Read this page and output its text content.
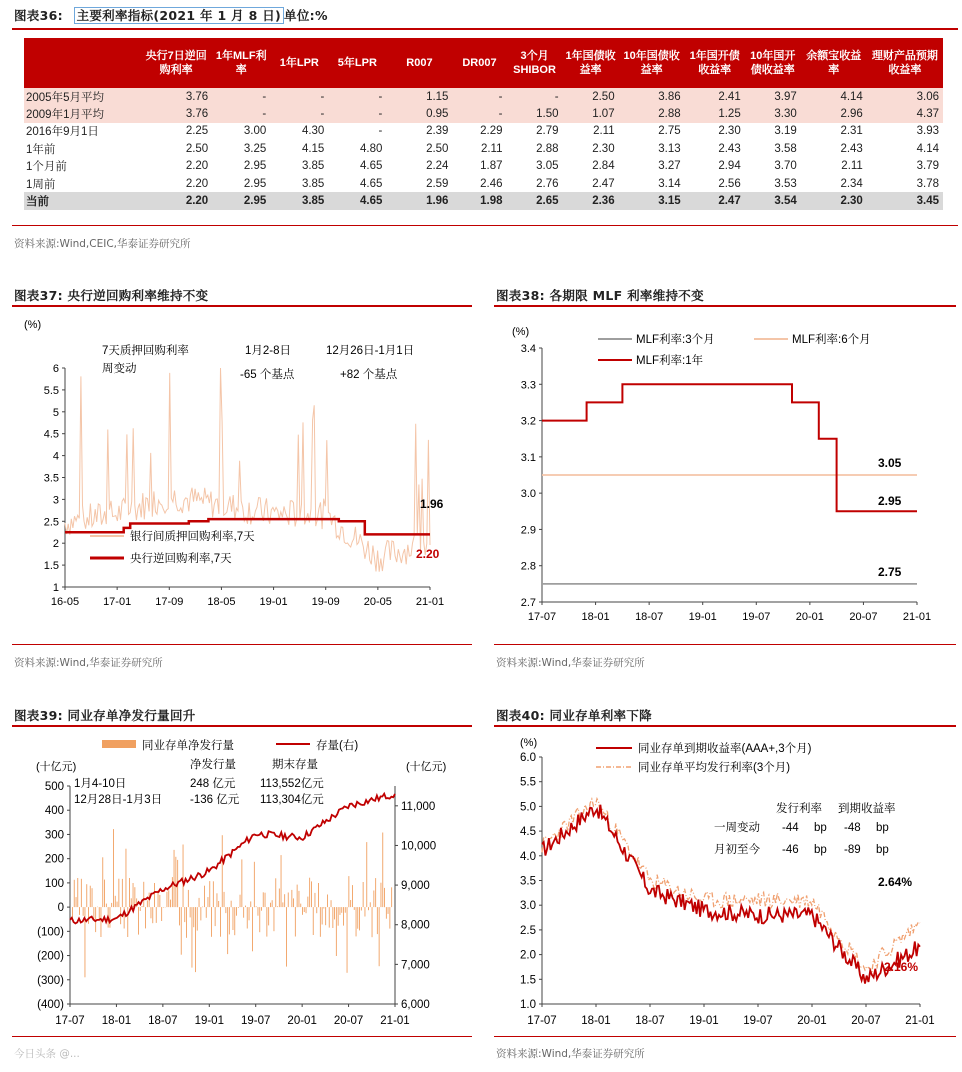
图表36: 主要利率指标(2021 年 1 月 8 日) 单位:%
	央行7日逆回购利率	1年MLF利率	1年LPR	5年LPR	R007	DR007	3个月SHIBOR	1年国债收益率	10年国债收益率	1年国开债收益率	10年国开债收益率	余额宝收益率	理财产品预期收益率
2005年5月平均	3.76	-	-	-	1.15	-	-	2.50	3.86	2.41	3.97	4.14	3.06
2009年1月平均	3.76	-	-	-	0.95	-	1.50	1.07	2.88	1.25	3.30	2.96	4.37
2016年9月1日	2.25	3.00	4.30	-	2.39	2.29	2.79	2.11	2.75	2.30	3.19	2.31	3.93
1年前	2.50	3.25	4.15	4.80	2.50	2.11	2.88	2.30	3.13	2.43	3.58	2.43	4.14
1个月前	2.20	2.95	3.85	4.65	2.24	1.87	3.05	2.84	3.27	2.94	3.70	2.11	3.79
1周前	2.20	2.95	3.85	4.65	2.59	2.46	2.76	2.47	3.14	2.56	3.53	2.34	3.78
当前	2.20	2.95	3.85	4.65	1.96	1.98	2.65	2.36	3.15	2.47	3.54	2.30	3.45
资料来源:Wind,CEIC,华泰证券研究所
图表37: 央行逆回购利率维持不变	图表38: 各期限 MLF 利率维持不变
资料来源:Wind,华泰证券研究所	资料来源:Wind,华泰证券研究所
图表39: 同业存单净发行量回升	图表40: 同业存单利率下降
今日头条 @...	资料来源:Wind,华泰证券研究所
(%)
1
1.5
2
2.5
3
3.5
4
4.5
5
5.5
6
16-05 17-01 17-09 18-05 19-01 19-09 20-05 21-01
7天质押回购利率
周变动
1月2-8日
-65 个基点
12月26日-1月1日
+82 个基点
1.96
2.20
银行间质押回购利率,7天
央行逆回购利率,7天
(%)
2.7
2.8
2.9
3.0
3.1
3.2
3.3
3.4
17-07 18-01 18-07 19-01 19-07 20-01 20-07 21-01
MLF利率:3个月	MLF利率:6个月
MLF利率:1年
3.05
2.95
2.75
(十亿元)	(十亿元)
500
400
300
200
100
0
(100)
(200)
(300)
(400)
11,000
10,000
9,000
8,000
7,000
6,000
17-07 18-01 18-07 19-01 19-07 20-01 20-07 21-01
同业存单净发行量	存量(右)
净发行量	期末存量
1月4-10日	248 亿元 113,552亿元
12月28日-1月3日 -136 亿元 113,304亿元
(%)
1.0
1.5
2.0
2.5
3.0
3.5
4.0
4.5
5.0
5.5
6.0
17-07 18-01 18-07 19-01 19-07 20-01 20-07 21-01
同业存单到期收益率(AAA+,3个月)
同业存单平均发行利率(3个月)
发行利率 到期收益率
一周变动 -44 bp -48 bp
月初至今 -46 bp -89 bp
2.64%
2.16%
